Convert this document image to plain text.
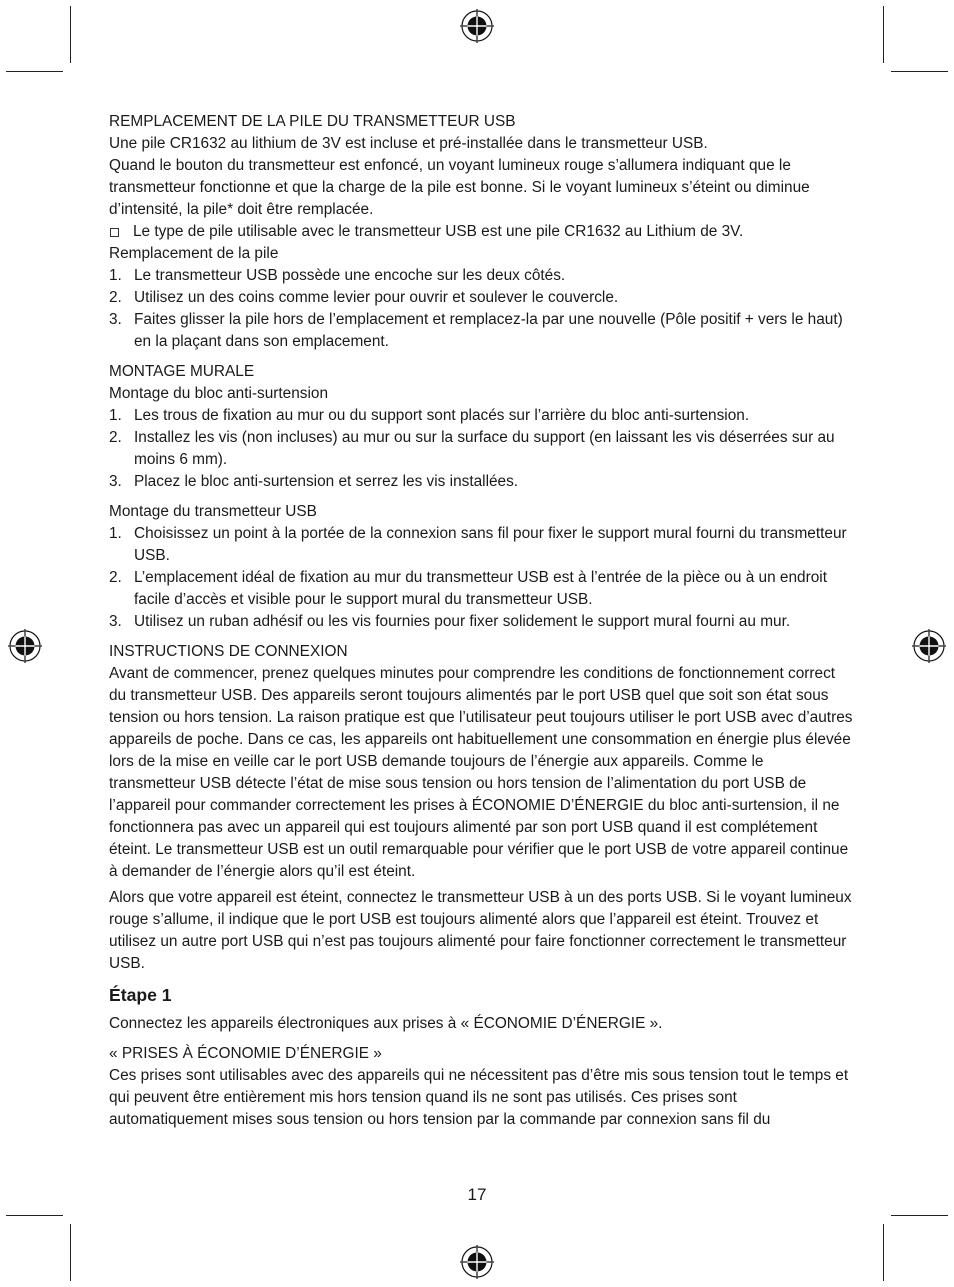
REMPLACEMENT DE LA PILE DU TRANSMETTEUR USB

Une pile CR1632 au lithium de 3V est incluse et pré-installée dans le transmetteur USB.

Quand le bouton du transmetteur est enfoncé, un voyant lumineux rouge s’allumera indiquant que le transmetteur fonctionne et que la charge de la pile est bonne. Si le voyant lumineux s’éteint ou diminue d’intensité, la pile* doit être remplacée.

Le type de pile utilisable avec le transmetteur USB est une pile CR1632 au Lithium de 3V.

Remplacement de la pile

1. Le transmetteur USB possède une encoche sur les deux côtés.
2. Utilisez un des coins comme levier pour ouvrir et soulever le couvercle.
3. Faites glisser la pile hors de l’emplacement et remplacez-la par une nouvelle (Pôle positif + vers le haut) en la plaçant dans son emplacement.

MONTAGE MURALE

Montage du bloc anti-surtension

1. Les trous de fixation au mur ou du support sont placés sur l’arrière du bloc anti-surtension.
2. Installez les vis (non incluses) au mur ou sur la surface du support (en laissant les vis déserrées sur au moins 6 mm).
3. Placez le bloc anti-surtension et serrez les vis installées.

Montage du transmetteur USB

1. Choisissez un point à la portée de la connexion sans fil pour fixer le support mural fourni du transmetteur USB.
2. L’emplacement idéal de fixation au mur du transmetteur USB est à l’entrée de la pièce ou à un endroit facile d’accès et visible pour le support mural du transmetteur USB.
3. Utilisez un ruban adhésif ou les vis fournies pour fixer solidement le support mural fourni au mur.

INSTRUCTIONS DE CONNEXION

Avant de commencer, prenez quelques minutes pour comprendre les conditions de fonctionnement correct du transmetteur USB. Des appareils seront toujours alimentés par le port USB quel que soit son état sous tension ou hors tension. La raison pratique est que l’utilisateur peut toujours utiliser le port USB avec d’autres appareils de poche. Dans ce cas, les appareils ont habituellement une consommation en énergie plus élevée lors de la mise en veille car le port USB demande toujours de l’énergie aux appareils. Comme le transmetteur USB détecte l’état de mise sous tension ou hors tension de l’alimentation du port USB de l’appareil pour commander correctement les prises à ÉCONOMIE D’ÉNERGIE du bloc anti-surtension, il ne fonctionnera pas avec un appareil qui est toujours alimenté par son port USB quand il est complétement éteint. Le transmetteur USB est un outil remarquable pour vérifier que le port USB de votre appareil continue à demander de l’énergie alors qu’il est éteint.

Alors que votre appareil est éteint, connectez le transmetteur USB à un des ports USB. Si le voyant lumineux rouge s’allume, il indique que le port USB est toujours alimenté alors que l’appareil est éteint. Trouvez et utilisez un autre port USB qui n’est pas toujours alimenté pour faire fonctionner correctement le transmetteur USB.

Étape 1

Connectez les appareils électroniques aux prises à « ÉCONOMIE D’ÉNERGIE ».

« PRISES À ÉCONOMIE D’ÉNERGIE »

Ces prises sont utilisables avec des appareils qui ne nécessitent pas d’être mis sous tension tout le temps et qui peuvent être entièrement mis hors tension quand ils ne sont pas utilisés. Ces prises sont automatiquement mises sous tension ou hors tension par la commande par connexion sans fil du

17
